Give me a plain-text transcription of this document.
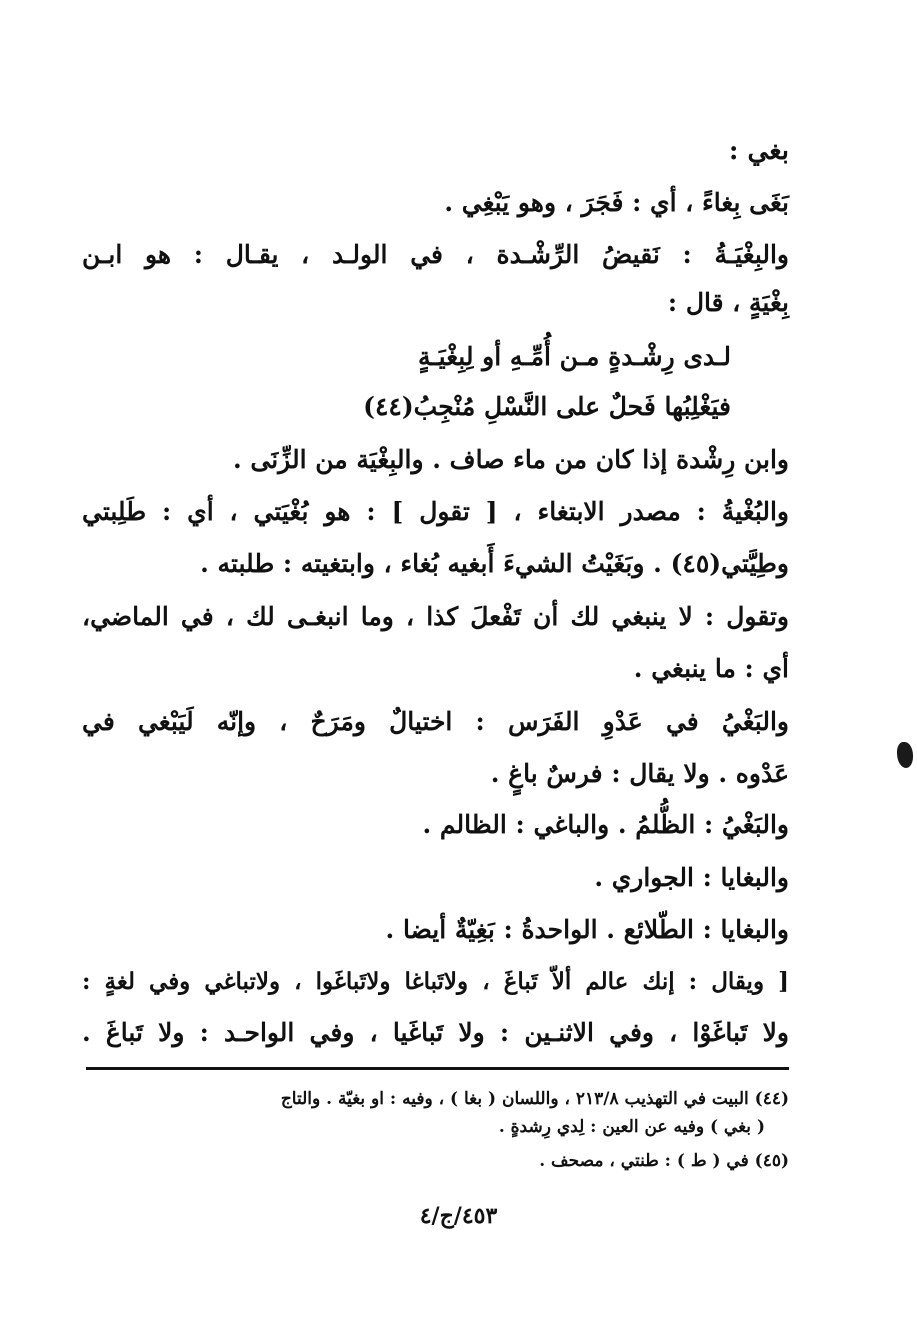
بغي :
بَغَى بِغاءً ، أي : فَجَرَ ، وهو يَبْغِي .
والبِغْيَـةُ : نَقيضُ الرِّشْـدة ، في الولـد ، يقـال : هو ابـن
بِغْيَةٍ ، قال :
لـدى رِشْـدةٍ مـن أُمِّـهِ أو لِبِغْيَـةٍ
فيَغْلِبُها فَحلٌ على النَّسْلِ مُنْجِبُ(٤٤)
وابن رِشْدة إذا كان من ماء صاف . والبِغْيَة من الزِّنَى .
والبُغْيةُ : مصدر الابتغاء ، [ تقول ] : هو بُغْيَتي ، أي : طَلِبتي
وطِيَّتي(٤٥) . وبَغَيْتُ الشيءَ أَبغيه بُغاء ، وابتغيته : طلبته .
وتقول : لا ينبغي لك أن تَفْعلَ كذا ، وما انبغـى لك ، في الماضي،
أي : ما ينبغي .
والبَغْيُ في عَدْوِ الفَرَس : اختيالٌ ومَرَحٌ ، وإنّه لَيَبْغي في
عَدْوه . ولا يقال : فرسٌ باغٍ .
والبَغْيُ : الظُّلمُ . والباغي : الظالم .
والبغايا : الجواري .
والبغايا : الطّلائع . الواحدةُ : بَغِيّةٌ أيضا .
[ ويقال : إنك عالم ألاّ تَباغَ ، ولاتَباغا ولاتَباغَوا ، ولاتباغي وفي لغةٍ :
ولا تَباغَوْا ، وفي الاثنـين : ولا تَباغَيا ، وفي الواحـد : ولا تَباغَ .
(٤٤) البيت في التهذيب ٢١٣/٨ ، واللسان ( بغا ) ، وفيه : او بغيّة . والتاج
( بغي ) وفيه عن العين : لِدي رِشدةٍ .
(٤٥) في ( ط ) : طنتي ، مصحف .
٤٥٣/ج/٤
